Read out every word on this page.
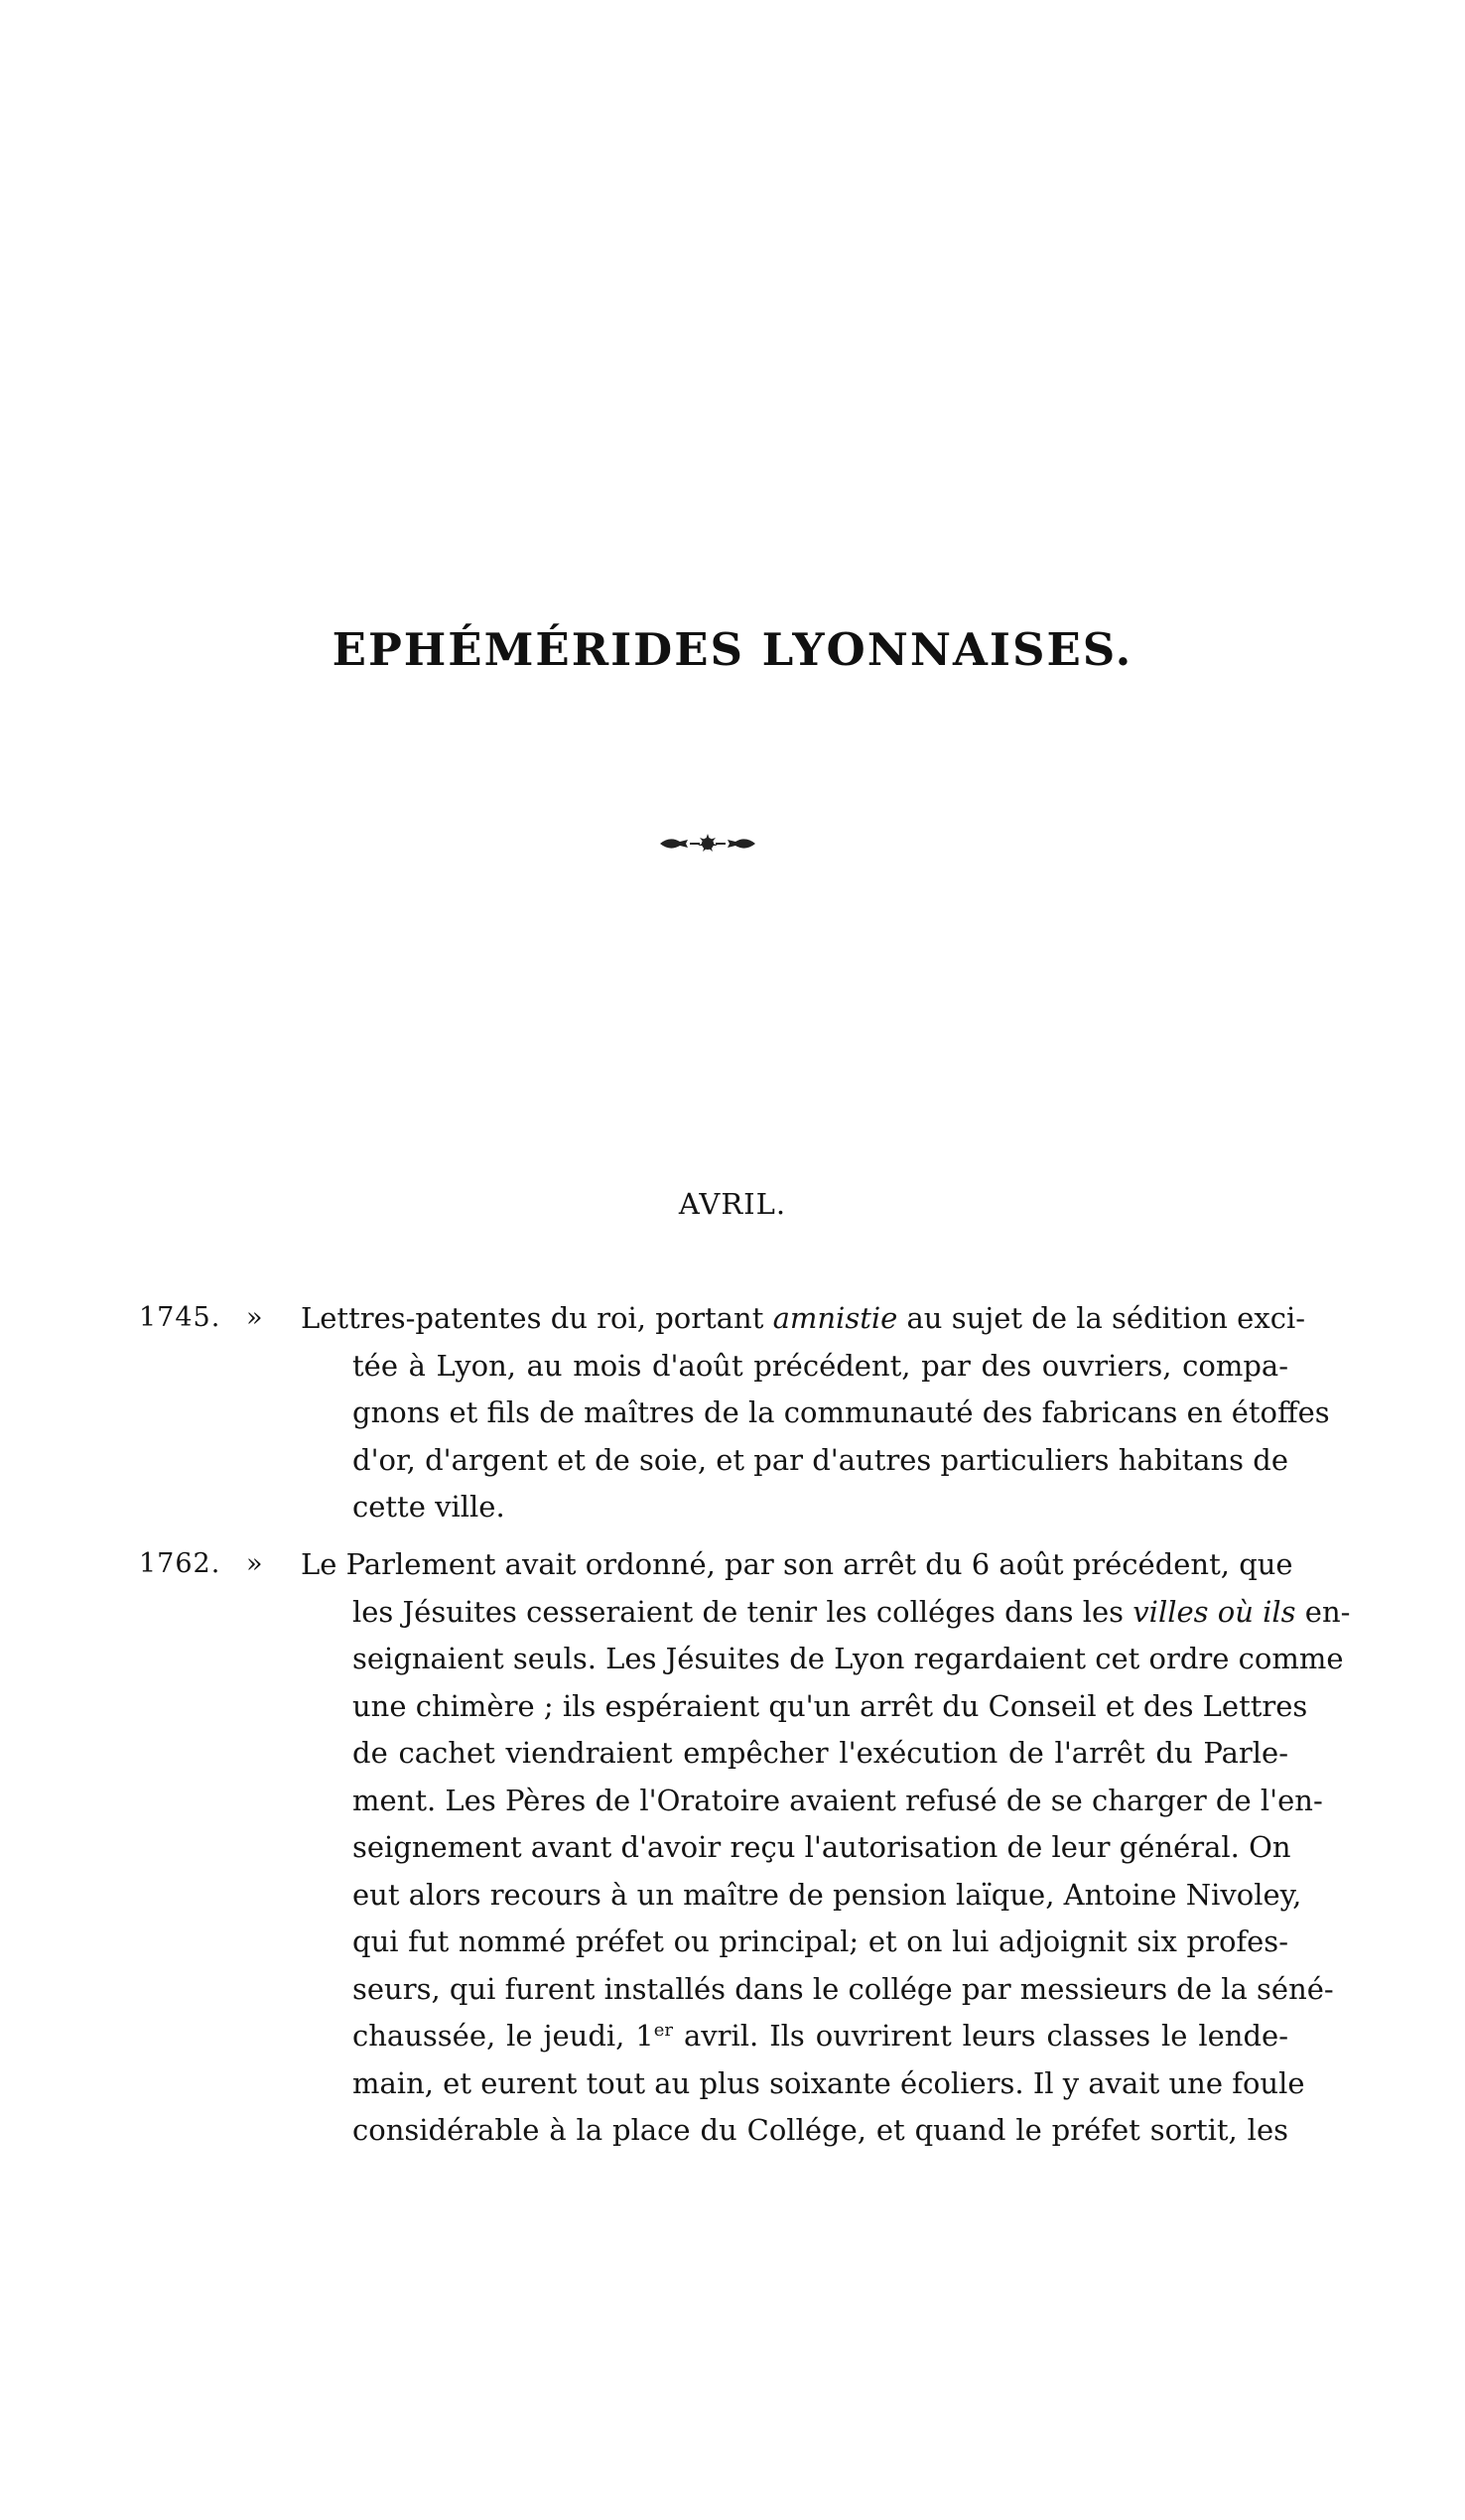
EPHÉMÉRIDES LYONNAISES.
AVRIL.
1745. » Lettres-patentes du roi, portant amnistie au sujet de la sédition exci-
tée à Lyon, au mois d'août précédent, par des ouvriers, compa-
gnons et fils de maîtres de la communauté des fabricans en étoffes
d'or, d'argent et de soie, et par d'autres particuliers habitans de
cette ville.
1762. » Le Parlement avait ordonné, par son arrêt du 6 août précédent, que
les Jésuites cesseraient de tenir les colléges dans les villes où ils en-
seignaient seuls. Les Jésuites de Lyon regardaient cet ordre comme
une chimère ; ils espéraient qu'un arrêt du Conseil et des Lettres
de cachet viendraient empêcher l'exécution de l'arrêt du Parle-
ment. Les Pères de l'Oratoire avaient refusé de se charger de l'en-
seignement avant d'avoir reçu l'autorisation de leur général. On
eut alors recours à un maître de pension laïque, Antoine Nivoley,
qui fut nommé préfet ou principal; et on lui adjoignit six profes-
seurs, qui furent installés dans le collége par messieurs de la séné-
chaussée, le jeudi, 1er avril. Ils ouvrirent leurs classes le lende-
main, et eurent tout au plus soixante écoliers. Il y avait une foule
considérable à la place du Collége, et quand le préfet sortit, les
